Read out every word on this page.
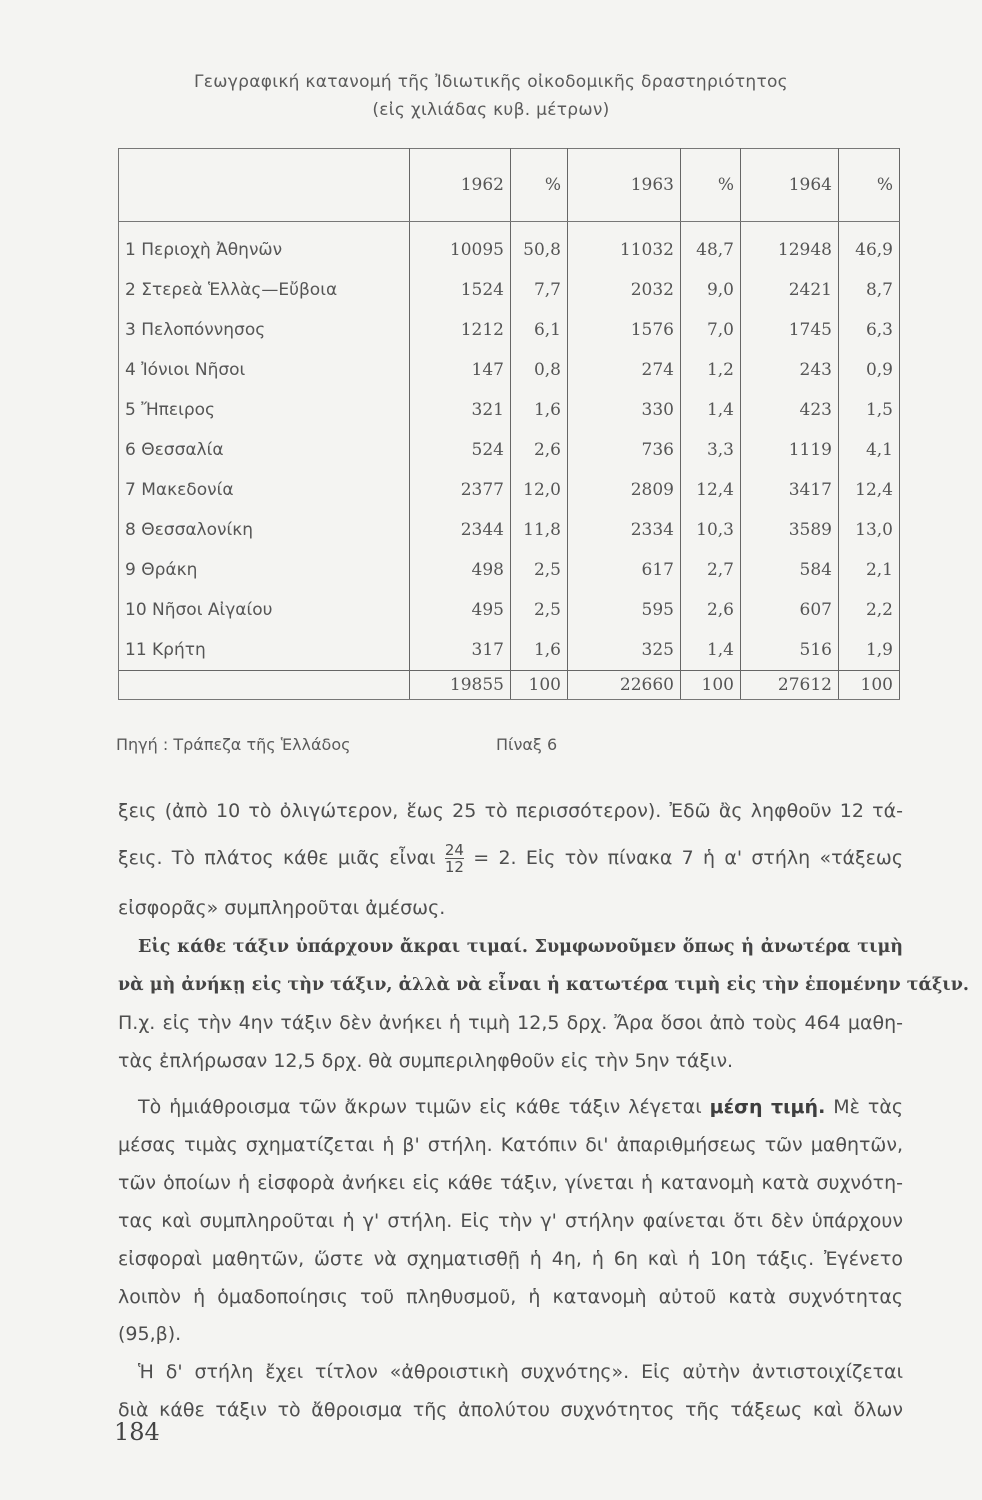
Γεωγραφική κατανομή τῆς Ἰδιωτικῆς οἰκοδομικῆς δραστηριότητος
(εἰς χιλιάδας κυβ. μέτρων)
	1962	%	1963	%	1964	%
1 Περιοχὴ Ἀθηνῶν	10095	50,8	11032	48,7	12948	46,9
2 Στερεὰ Ἑλλὰς—Εὔβοια	1524	7,7	2032	9,0	2421	8,7
3 Πελοπόννησος	1212	6,1	1576	7,0	1745	6,3
4 Ἰόνιοι Νῆσοι	147	0,8	274	1,2	243	0,9
5 Ἤπειρος	321	1,6	330	1,4	423	1,5
6 Θεσσαλία	524	2,6	736	3,3	1119	4,1
7 Μακεδονία	2377	12,0	2809	12,4	3417	12,4
8 Θεσσαλονίκη	2344	11,8	2334	10,3	3589	13,0
9 Θράκη	498	2,5	617	2,7	584	2,1
10 Νῆσοι Αἰγαίου	495	2,5	595	2,6	607	2,2
11 Κρήτη	317	1,6	325	1,4	516	1,9
	19855	100	22660	100	27612	100
Πηγή : Τράπεζα τῆς Ἑλλάδος	Πίναξ 6
ξεις (ἀπὸ 10 τὸ ὀλιγώτερον, ἕως 25 τὸ περισσότερον). Ἐδῶ ἂς ληφθοῦν 12 τά-
ξεις. Τὸ πλάτος κάθε μιᾶς εἶναι $\frac{24}{12} = 2$. Εἰς τὸν πίνακα 7 ἡ α' στήλη «τάξεως
εἰσφορᾶς» συμπληροῦται ἀμέσως.
Εἰς κάθε τάξιν ὑπάρχουν ἄκραι τιμαί. Συμφωνοῦμεν ὅπως ἡ ἀνωτέρα τιμὴ
νὰ μὴ ἀνήκῃ εἰς τὴν τάξιν, ἀλλὰ νὰ εἶναι ἡ κατωτέρα τιμὴ εἰς τὴν ἑπομένην τάξιν.
Π.χ. εἰς τὴν 4ην τάξιν δὲν ἀνήκει ἡ τιμὴ 12,5 δρχ. Ἄρα ὅσοι ἀπὸ τοὺς 464 μαθη-
τὰς ἐπλήρωσαν 12,5 δρχ. θὰ συμπεριληφθοῦν εἰς τὴν 5ην τάξιν.
Τὸ ἡμιάθροισμα τῶν ἄκρων τιμῶν εἰς κάθε τάξιν λέγεται μέση τιμή. Μὲ τὰς
μέσας τιμὰς σχηματίζεται ἡ β' στήλη. Κατόπιν δι' ἀπαριθμήσεως τῶν μαθητῶν,
τῶν ὁποίων ἡ εἰσφορὰ ἀνήκει εἰς κάθε τάξιν, γίνεται ἡ κατανομὴ κατὰ συχνότη-
τας καὶ συμπληροῦται ἡ γ' στήλη. Εἰς τὴν γ' στήλην φαίνεται ὅτι δὲν ὑπάρχουν
εἰσφοραὶ μαθητῶν, ὥστε νὰ σχηματισθῇ ἡ 4η, ἡ 6η καὶ ἡ 10η τάξις. Ἐγένετο
λοιπὸν ἡ ὁμαδοποίησις τοῦ πληθυσμοῦ, ἡ κατανομὴ αὐτοῦ κατὰ συχνότητας
(95,β).
Ἡ δ' στήλη ἔχει τίτλον «ἀθροιστικὴ συχνότης». Εἰς αὐτὴν ἀντιστοιχίζεται
διὰ κάθε τάξιν τὸ ἄθροισμα τῆς ἀπολύτου συχνότητος τῆς τάξεως καὶ ὅλων
184
